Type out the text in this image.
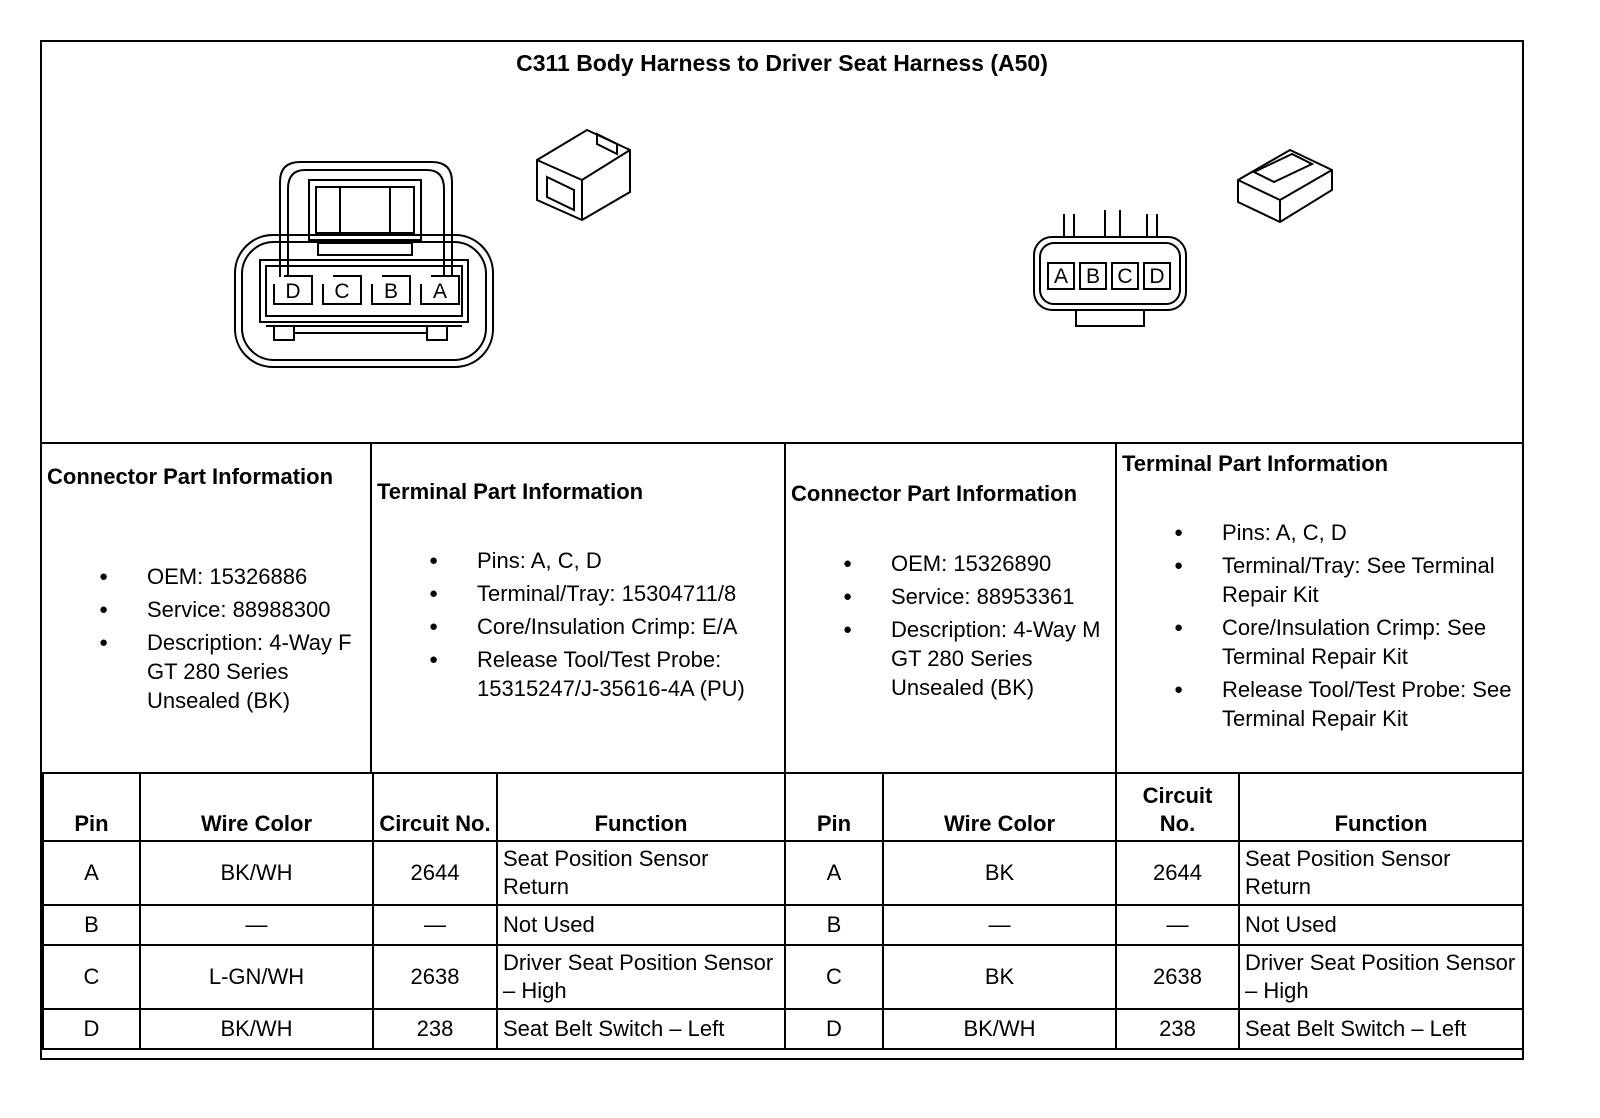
C311 Body Harness to Driver Seat Harness (A50)
D C B A
A B C D
Connector Part Information
● OEM: 15326886
● Service: 88988300
● Description: 4-Way F GT 280 Series Unsealed (BK)
Terminal Part Information
● Pins: A, C, D
● Terminal/Tray: 15304711/8
● Core/Insulation Crimp: E/A
● Release Tool/Test Probe: 15315247/J-35616-4A (PU)
Connector Part Information
● OEM: 15326890
● Service: 88953361
● Description: 4-Way M GT 280 Series Unsealed (BK)
Terminal Part Information
● Pins: A, C, D
● Terminal/Tray: See Terminal Repair Kit
● Core/Insulation Crimp: See Terminal Repair Kit
● Release Tool/Test Probe: See Terminal Repair Kit
Pin	Wire Color	Circuit No.	Function	Pin	Wire Color	Circuit No.	Function
A	BK/WH	2644	Seat Position Sensor Return	A	BK	2644	Seat Position Sensor Return
B	—	—	Not Used	B	—	—	Not Used
C	L-GN/WH	2638	Driver Seat Position Sensor – High	C	BK	2638	Driver Seat Position Sensor – High
D	BK/WH	238	Seat Belt Switch – Left	D	BK/WH	238	Seat Belt Switch – Left
